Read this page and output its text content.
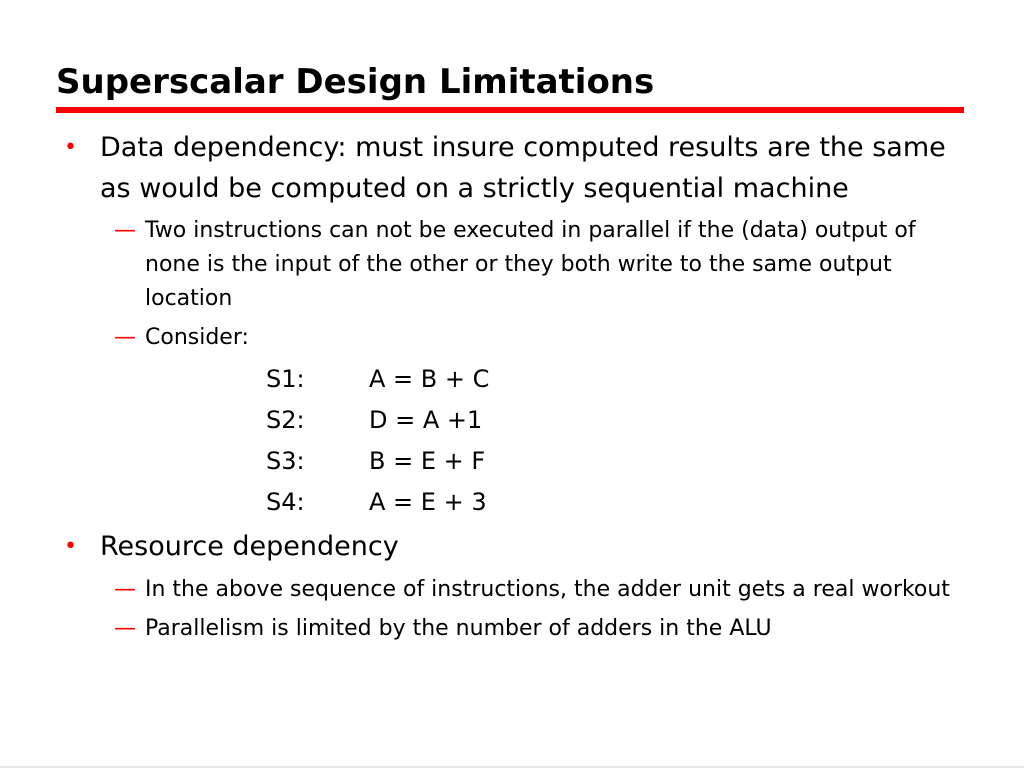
Superscalar Design Limitations
• Data dependency: must insure computed results are the same as would be computed on a strictly sequential machine
— Two instructions can not be executed in parallel if the (data) output of none is the input of the other or they both write to the same output location
— Consider:
S1:	A = B + C
S2:	D = A +1
S3:	B = E + F
S4:	A = E + 3
• Resource dependency
— In the above sequence of instructions, the adder unit gets a real workout
— Parallelism is limited by the number of adders in the ALU
